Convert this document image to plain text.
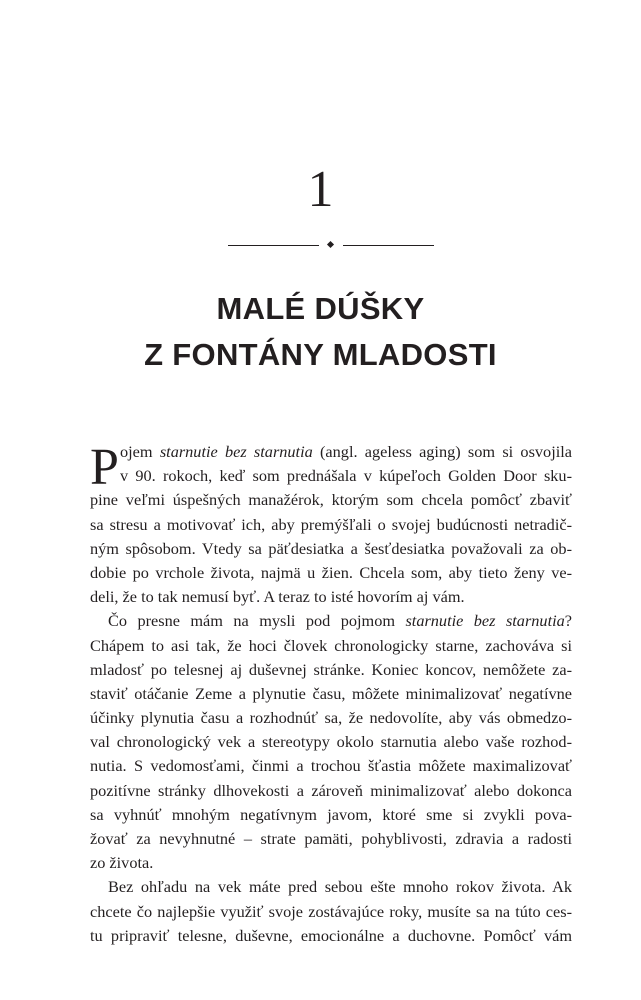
1
MALÉ DÚŠKY
Z FONTÁNY MLADOSTI
P ojem starnutie bez starnutia (angl. ageless aging) som si osvojila
v 90. rokoch, keď som prednášala v kúpeľoch Golden Door sku-
pine veľmi úspešných manažérok, ktorým som chcela pomôcť zbaviť
sa stresu a motivovať ich, aby premýšľali o svojej budúcnosti netradič-
ným spôsobom. Vtedy sa päťdesiatka a šesťdesiatka považovali za ob-
dobie po vrchole života, najmä u žien. Chcela som, aby tieto ženy ve-
deli, že to tak nemusí byť. A teraz to isté hovorím aj vám.
Čo presne mám na mysli pod pojmom starnutie bez starnutia?
Chápem to asi tak, že hoci človek chronologicky starne, zachováva si
mladosť po telesnej aj duševnej stránke. Koniec koncov, nemôžete za-
staviť otáčanie Zeme a plynutie času, môžete minimalizovať negatívne
účinky plynutia času a rozhodnúť sa, že nedovolíte, aby vás obmedzo-
val chronologický vek a stereotypy okolo starnutia alebo vaše rozhod-
nutia. S vedomosťami, činmi a trochou šťastia môžete maximalizovať
pozitívne stránky dlhovekosti a zároveň minimalizovať alebo dokonca
sa vyhnúť mnohým negatívnym javom, ktoré sme si zvykli pova-
žovať za nevyhnutné – strate pamäti, pohyblivosti, zdravia a radosti
zo života.
Bez ohľadu na vek máte pred sebou ešte mnoho rokov života. Ak
chcete čo najlepšie využiť svoje zostávajúce roky, musíte sa na túto ces-
tu pripraviť telesne, duševne, emocionálne a duchovne. Pomôcť vám
